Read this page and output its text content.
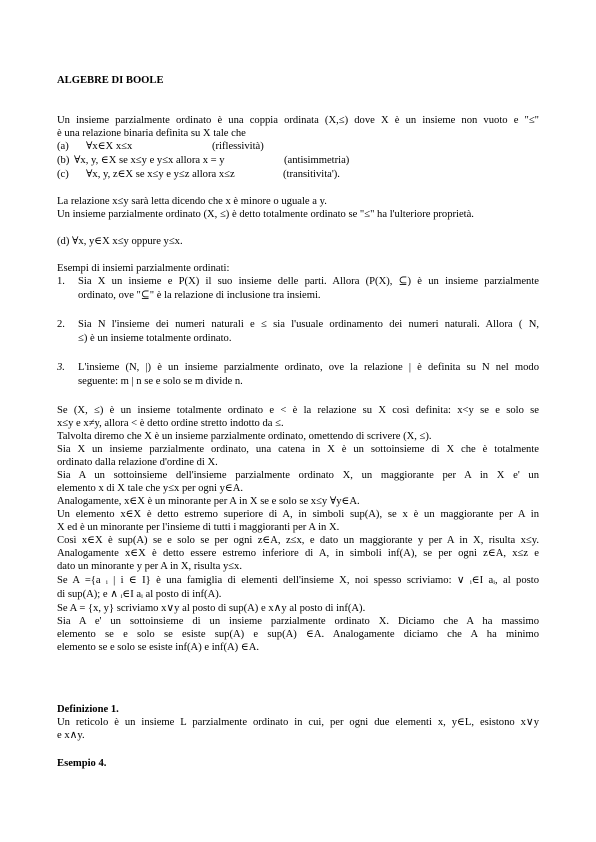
ALGEBRE DI BOOLE
Un insieme parzialmente ordinato è una coppia ordinata (X,≤) dove X è un insieme non vuoto e "≤"
è una relazione binaria definita su X tale che
(a) ∀x∈X x≤x	(riflessività)
(b) ∀x, y, ∈X se x≤y e y≤x allora x = y	(antisimmetria)
(c) ∀x, y, z∈X se x≤y e y≤z allora x≤z	(transitivita').
La relazione x≤y sarà letta dicendo che x è minore o uguale a y.
Un insieme parzialmente ordinato (X, ≤) è detto totalmente ordinato se "≤" ha l'ulteriore proprietà.
(d) ∀x, y∈X x≤y oppure y≤x.
Esempi di insiemi parzialmente ordinati:
1. Sia X un insieme e P(X) il suo insieme delle parti. Allora (P(X), ⊆) è un insieme parzialmente
ordinato, ove "⊆" è la relazione di inclusione tra insiemi.
2. Sia N l'insieme dei numeri naturali e ≤ sia l'usuale ordinamento dei numeri naturali. Allora ( N,
≤) è un insieme totalmente ordinato.
3. L'insieme (N, |) è un insieme parzialmente ordinato, ove la relazione | è definita su N nel modo
seguente: m | n se e solo se m divide n.
Se (X, ≤) è un insieme totalmente ordinato e < è la relazione su X così definita: x<y se e solo se
x≤y e x≠y, allora < è detto ordine stretto indotto da ≤.
Talvolta diremo che X è un insieme parzialmente ordinato, omettendo di scrivere (X, ≤).
Sia X un insieme parzialmente ordinato, una catena in X è un sottoinsieme di X che è totalmente
ordinato dalla relazione d'ordine di X.
Sia A un sottoinsieme dell'insieme parzialmente ordinato X, un maggiorante per A in X e' un
elemento x di X tale che y≤x per ogni y∈A.
Analogamente, x∈X è un minorante per A in X se e solo se x≤y ∀y∈A.
Un elemento x∈X è detto estremo superiore di A, in simboli sup(A), se x è un maggiorante per A in
X ed è un minorante per l'insieme di tutti i maggioranti per A in X.
Così x∈X è sup(A) se e solo se per ogni z∈A, z≤x, e dato un maggiorante y per A in X, risulta x≤y.
Analogamente x∈X è detto essere estremo inferiore di A, in simboli inf(A), se per ogni z∈A, x≤z e
dato un minorante y per A in X, risulta y≤x.
Se A ={a ᵢ | i ∈ I} è una famiglia di elementi dell'insieme X, noi spesso scriviamo: ∨ ᵢ∈I aᵢ, al posto
di sup(A); e ∧ ᵢ∈I aᵢ al posto di inf(A).
Se A = {x, y} scriviamo x∨y al posto di sup(A) e x∧y al posto di inf(A).
Sia A e' un sottoinsieme di un insieme parzialmente ordinato X. Diciamo che A ha massimo
elemento se e solo se esiste sup(A) e sup(A) ∈A. Analogamente diciamo che A ha minimo
elemento se e solo se esiste inf(A) e inf(A) ∈A.
Definizione 1.
Un reticolo è un insieme L parzialmente ordinato in cui, per ogni due elementi x, y∈L, esistono x∨y
e x∧y.
Esempio 4.
